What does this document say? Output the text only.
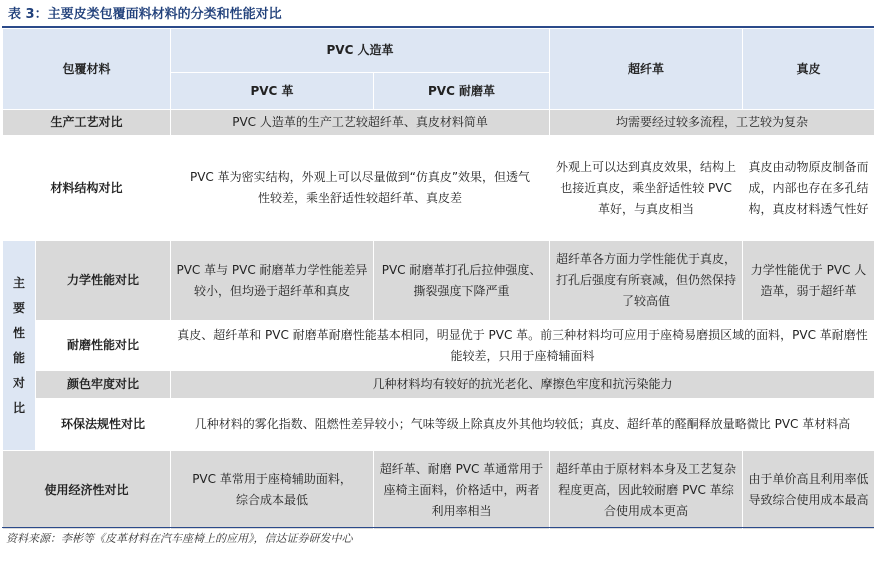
表 3：主要皮类包覆面料材料的分类和性能对比
包覆材料		PVC 人造革		超纤革	真皮
		PVC 革	PVC 耐磨革		
生产工艺对比		PVC 人造革的生产工艺较超纤革、真皮材料简单		均需要经过较多流程，工艺较为复杂	
材料结构对比		PVC 革为密实结构，外观上可以尽量做到“仿真皮”效果，但透气性较差，乘坐舒适性较超纤革、真皮差		外观上可以达到真皮效果，结构上也接近真皮，乘坐舒适性较 PVC 革好，与真皮相当	真皮由动物原皮制备而成，内部也存在多孔结构，真皮材料透气性好

主要性能对比	力学性能对比	PVC 革与 PVC 耐磨革力学性能差异较小，但均逊于超纤革和真皮	PVC 耐磨革打孔后拉伸强度、撕裂强度下降严重	超纤革各方面力学性能优于真皮，打孔后强度有所衰减，但仍然保持了较高值	力学性能优于 PVC 人造革，弱于超纤革
	耐磨性能对比	真皮、超纤革和 PVC 耐磨革耐磨性能基本相同，明显优于 PVC 革。前三种材料均可应用于座椅易磨损区域的面料，PVC 革耐磨性能较差，只用于座椅辅面料			
	颜色牢度对比	几种材料均有较好的抗光老化、摩擦色牢度和抗污染能力			
	环保法规性对比	几种材料的雾化指数、阻燃性差异较小；气味等级上除真皮外其他均较低；真皮、超纤革的醛酮释放量略微比 PVC 革材料高			
使用经济性对比		PVC 革常用于座椅辅助面料，综合成本最低	超纤革、耐磨 PVC 革通常用于座椅主面料，价格适中，两者利用率相当	超纤革由于原材料本身及工艺复杂程度更高，因此较耐磨 PVC 革综合使用成本更高	由于单价高且利用率低导致综合使用成本最高
资料来源：李彬等《皮革材料在汽车座椅上的应用》，信达证券研发中心
